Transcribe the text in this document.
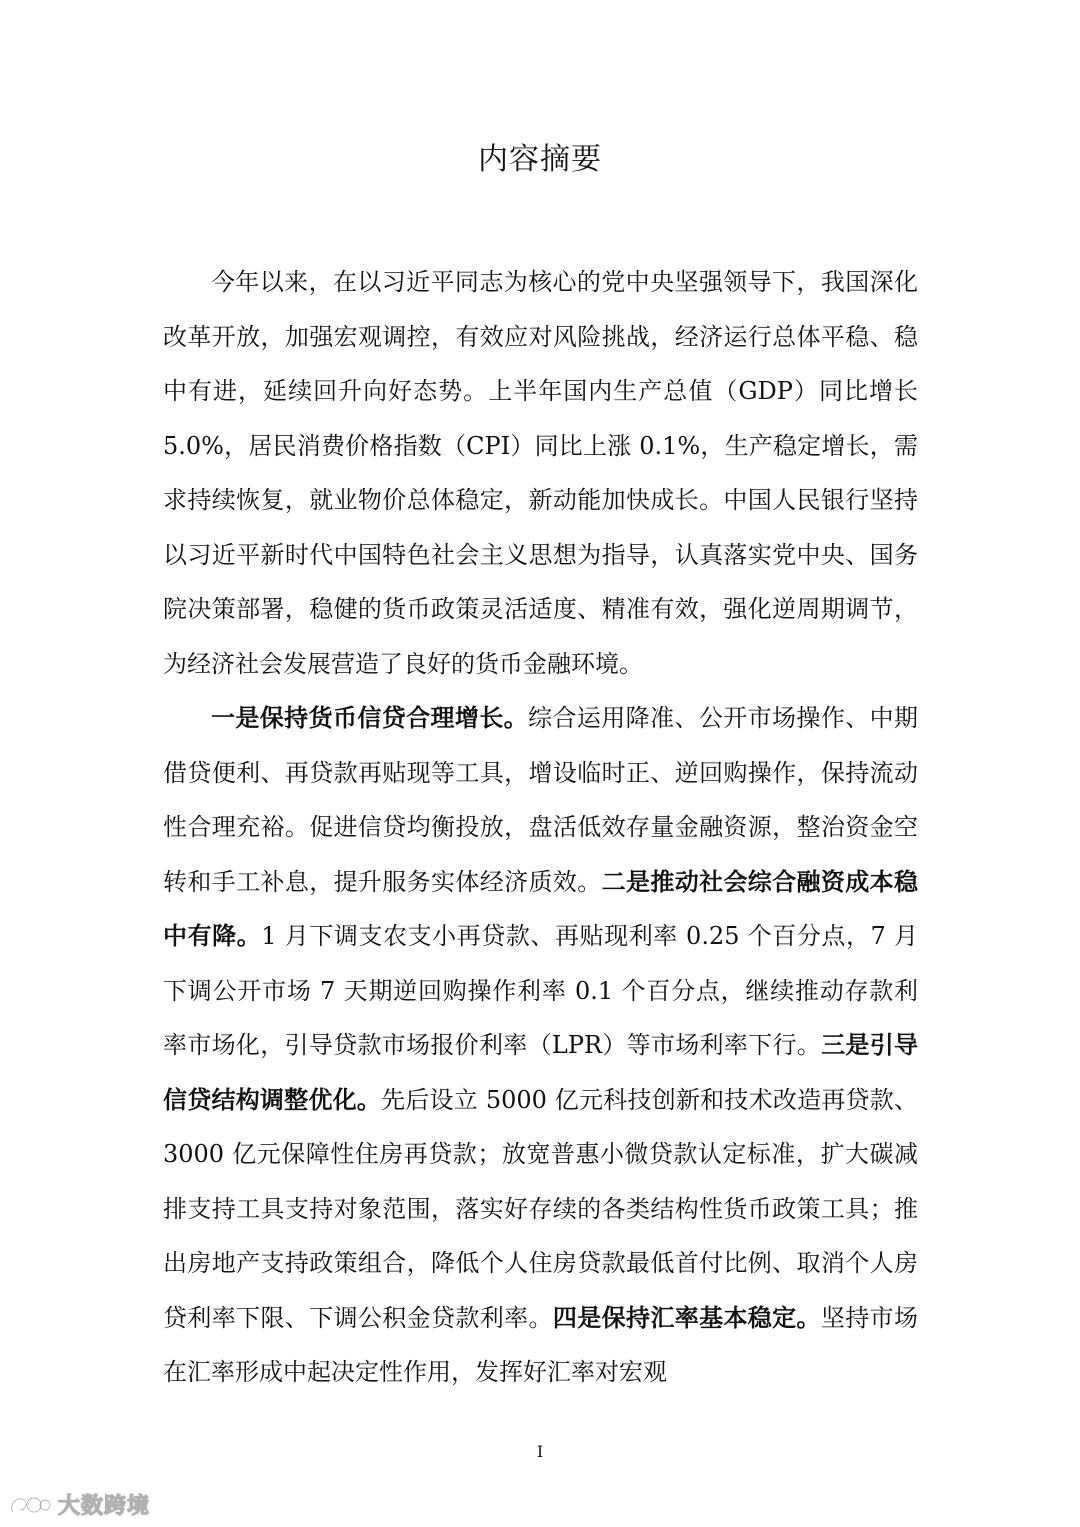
内容摘要

今年以来，在以习近平同志为核心的党中央坚强领导下，我国深化改革开放，加强宏观调控，有效应对风险挑战，经济运行总体平稳、稳中有进，延续回升向好态势。上半年国内生产总值（GDP）同比增长 5.0%，居民消费价格指数（CPI）同比上涨 0.1%，生产稳定增长，需求持续恢复，就业物价总体稳定，新动能加快成长。中国人民银行坚持以习近平新时代中国特色社会主义思想为指导，认真落实党中央、国务院决策部署，稳健的货币政策灵活适度、精准有效，强化逆周期调节，为经济社会发展营造了良好的货币金融环境。

一是保持货币信贷合理增长。综合运用降准、公开市场操作、中期借贷便利、再贷款再贴现等工具，增设临时正、逆回购操作，保持流动性合理充裕。促进信贷均衡投放，盘活低效存量金融资源，整治资金空转和手工补息，提升服务实体经济质效。二是推动社会综合融资成本稳中有降。1 月下调支农支小再贷款、再贴现利率 0.25 个百分点，7 月下调公开市场 7 天期逆回购操作利率 0.1 个百分点，继续推动存款利率市场化，引导贷款市场报价利率（LPR）等市场利率下行。三是引导信贷结构调整优化。先后设立 5000 亿元科技创新和技术改造再贷款、3000 亿元保障性住房再贷款；放宽普惠小微贷款认定标准，扩大碳减排支持工具支持对象范围，落实好存续的各类结构性货币政策工具；推出房地产支持政策组合，降低个人住房贷款最低首付比例、取消个人房贷利率下限、下调公积金贷款利率。四是保持汇率基本稳定。坚持市场在汇率形成中起决定性作用，发挥好汇率对宏观

I
大数跨境
